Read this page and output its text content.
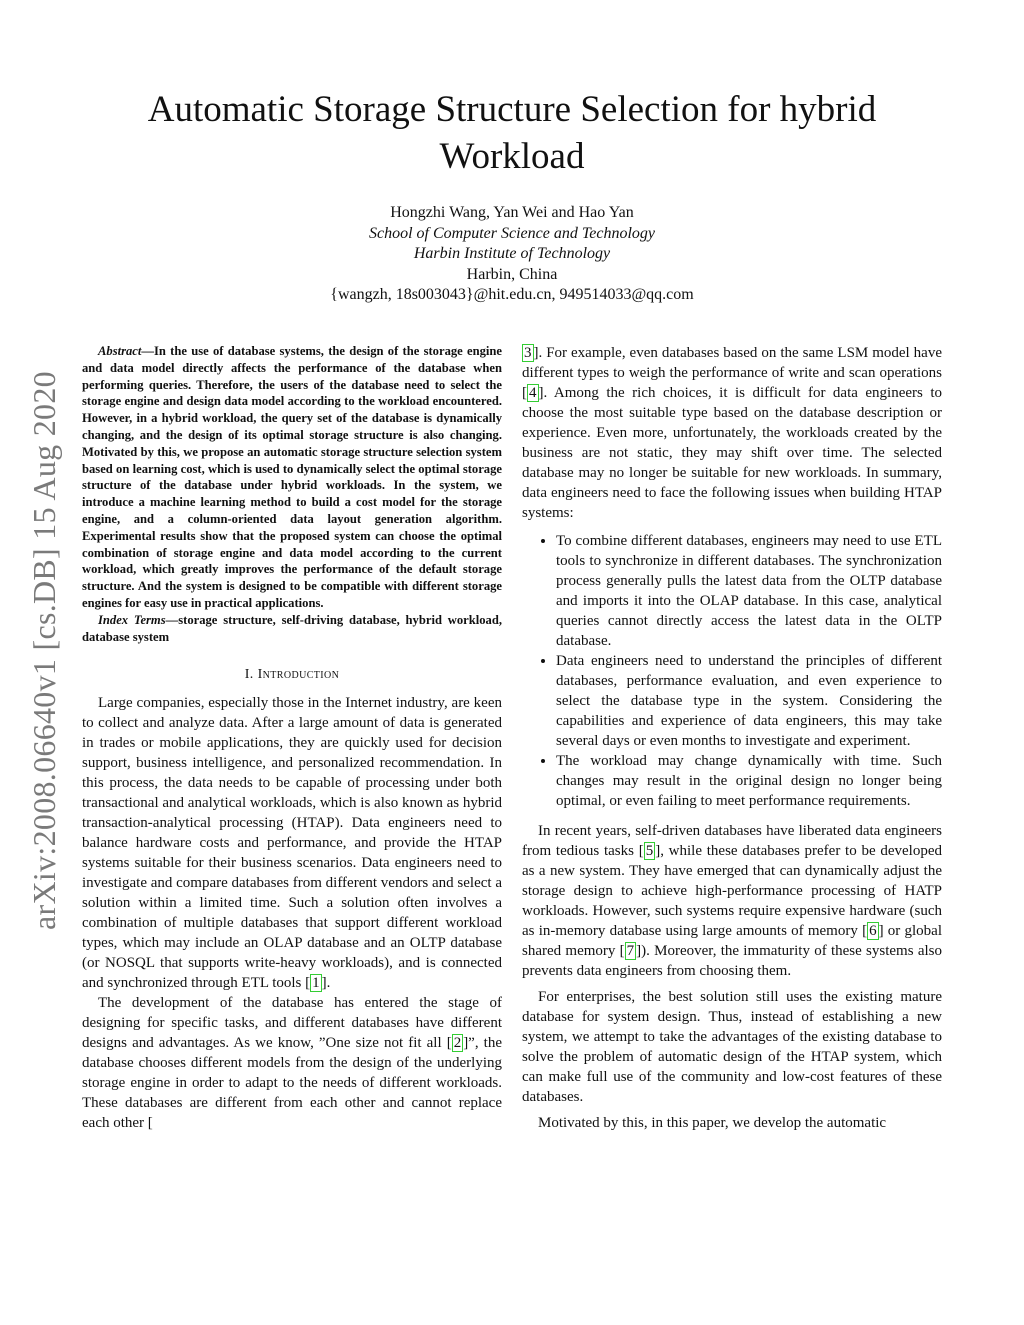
arXiv:2008.06640v1 [cs.DB] 15 Aug 2020
Automatic Storage Structure Selection for hybrid Workload
Hongzhi Wang, Yan Wei and Hao Yan
School of Computer Science and Technology
Harbin Institute of Technology
Harbin, China
{wangzh, 18s003043}@hit.edu.cn, 949514033@qq.com

Abstract—In the use of database systems, the design of the storage engine and data model directly affects the performance of the database when performing queries. Therefore, the users of the database need to select the storage engine and design data model according to the workload encountered. However, in a hybrid workload, the query set of the database is dynamically changing, and the design of its optimal storage structure is also changing. Motivated by this, we propose an automatic storage structure selection system based on learning cost, which is used to dynamically select the optimal storage structure of the database under hybrid workloads. In the system, we introduce a machine learning method to build a cost model for the storage engine, and a column-oriented data layout generation algorithm. Experimental results show that the proposed system can choose the optimal combination of storage engine and data model according to the current workload, which greatly improves the performance of the default storage structure. And the system is designed to be compatible with different storage engines for easy use in practical applications.

Index Terms—storage structure, self-driving database, hybrid workload, database system

I. Introduction

Large companies, especially those in the Internet industry, are keen to collect and analyze data. After a large amount of data is generated in trades or mobile applications, they are quickly used for decision support, business intelligence, and personalized recommendation. In this process, the data needs to be capable of processing under both transactional and analytical workloads, which is also known as hybrid transaction-analytical processing (HTAP). Data engineers need to balance hardware costs and performance, and provide the HTAP systems suitable for their business scenarios. Data engineers need to investigate and compare databases from different vendors and select a solution within a limited time. Such a solution often involves a combination of multiple databases that support different workload types, which may include an OLAP database and an OLTP database (or NOSQL that supports write-heavy workloads), and is connected and synchronized through ETL tools [ 1 ].

The development of the database has entered the stage of designing for specific tasks, and different databases have different designs and advantages. As we know, ”One size not fit all [ 2 ]”, the database chooses different models from the design of the underlying storage engine in order to adapt to the needs of different workloads. These databases are different from each other and cannot replace each other [

3 ]. For example, even databases based on the same LSM model have different types to weigh the performance of write and scan operations [ 4 ]. Among the rich choices, it is difficult for data engineers to choose the most suitable type based on the database description or experience. Even more, unfortunately, the workloads created by the business are not static, they may shift over time. The selected database may no longer be suitable for new workloads. In summary, data engineers need to face the following issues when building HTAP systems:

• To combine different databases, engineers may need to use ETL tools to synchronize in different databases. The synchronization process generally pulls the latest data from the OLTP database and imports it into the OLAP database. In this case, analytical queries cannot directly access the latest data in the OLTP database.
• Data engineers need to understand the principles of different databases, performance evaluation, and even experience to select the database type in the system. Considering the capabilities and experience of data engineers, this may take several days or even months to investigate and experiment.
• The workload may change dynamically with time. Such changes may result in the original design no longer being optimal, or even failing to meet performance requirements.

In recent years, self-driven databases have liberated data engineers from tedious tasks [ 5 ], while these databases prefer to be developed as a new system. They have emerged that can dynamically adjust the storage design to achieve high-performance processing of HATP workloads. However, such systems require expensive hardware (such as in-memory database using large amounts of memory [ 6 ] or global shared memory [ 7 ]). Moreover, the immaturity of these systems also prevents data engineers from choosing them.

For enterprises, the best solution still uses the existing mature database for system design. Thus, instead of establishing a new system, we attempt to take the advantages of the existing database to solve the problem of automatic design of the HTAP system, which can make full use of the community and low-cost features of these databases.

Motivated by this, in this paper, we develop the automatic
